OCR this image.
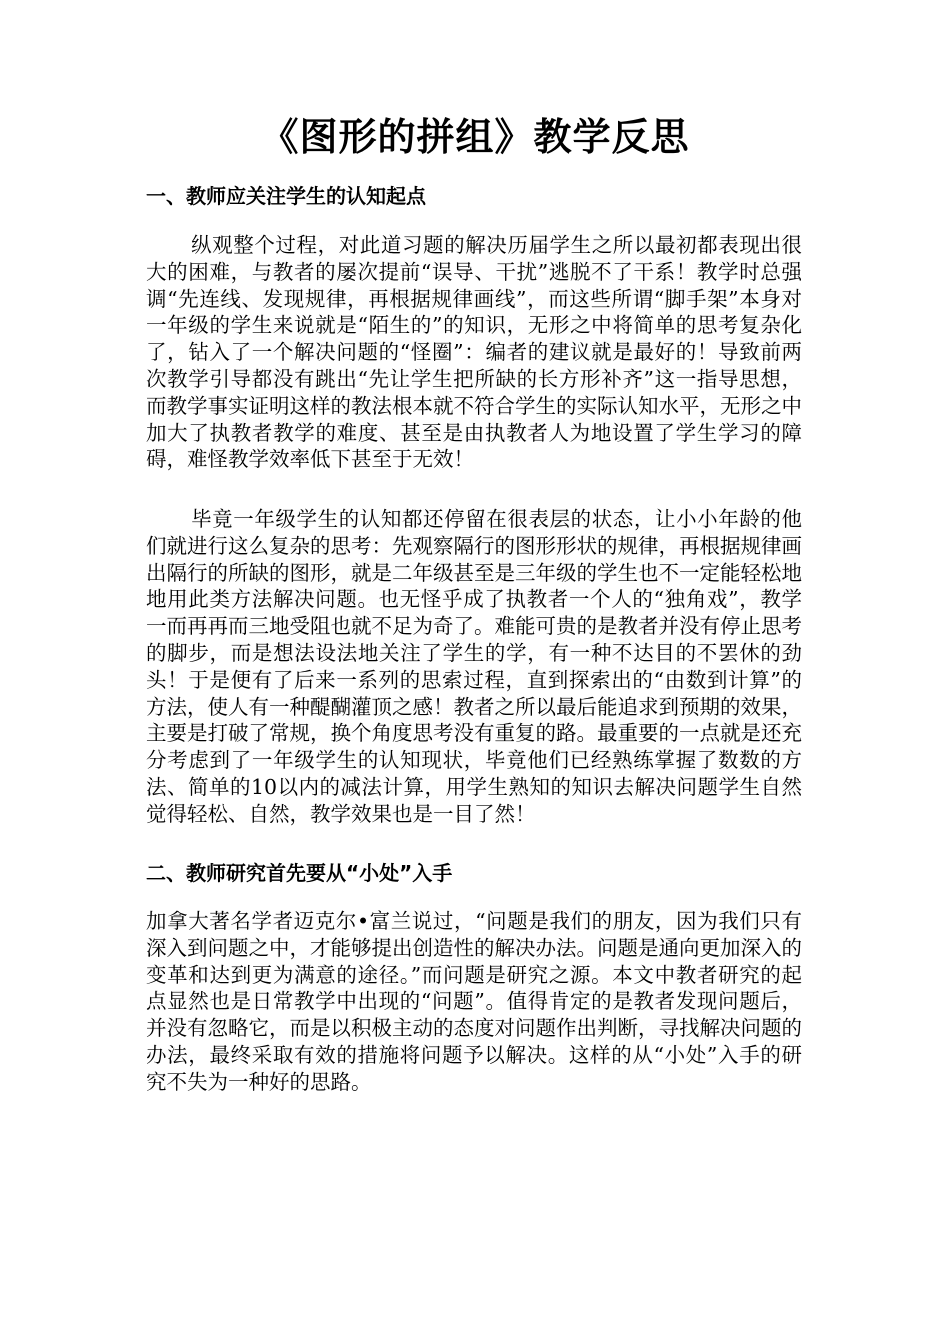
《图形的拼组》教学反思
一、教师应关注学生的认知起点

纵观整个过程，对此道习题的解决历届学生之所以最初都表现出很大的困难，与教者的屡次提前“误导、干扰”逃脱不了干系！教学时总强调“先连线、发现规律，再根据规律画线”，而这些所谓“脚手架”本身对一年级的学生来说就是“陌生的”的知识，无形之中将简单的思考复杂化了，钻入了一个解决问题的“怪圈”：编者的建议就是最好的！导致前两次教学引导都没有跳出“先让学生把所缺的长方形补齐”这一指导思想，而教学事实证明这样的教法根本就不符合学生的实际认知水平，无形之中加大了执教者教学的难度、甚至是由执教者人为地设置了学生学习的障碍，难怪教学效率低下甚至于无效！

毕竟一年级学生的认知都还停留在很表层的状态，让小小年龄的他们就进行这么复杂的思考：先观察隔行的图形形状的规律，再根据规律画出隔行的所缺的图形，就是二年级甚至是三年级的学生也不一定能轻松地地用此类方法解决问题。也无怪乎成了执教者一个人的“独角戏”，教学一而再再而三地受阻也就不足为奇了。难能可贵的是教者并没有停止思考的脚步，而是想法设法地关注了学生的学，有一种不达目的不罢休的劲头！于是便有了后来一系列的思索过程，直到探索出的“由数到计算”的方法，使人有一种醍醐灌顶之感！教者之所以最后能追求到预期的效果，主要是打破了常规，换个角度思考没有重复的路。最重要的一点就是还充分考虑到了一年级学生的认知现状，毕竟他们已经熟练掌握了数数的方法、简单的10以内的减法计算，用学生熟知的知识去解决问题学生自然觉得轻松、自然，教学效果也是一目了然！

二、教师研究首先要从“小处”入手

加拿大著名学者迈克尔•富兰说过，“问题是我们的朋友，因为我们只有深入到问题之中，才能够提出创造性的解决办法。问题是通向更加深入的变革和达到更为满意的途径。”而问题是研究之源。本文中教者研究的起点显然也是日常教学中出现的“问题”。值得肯定的是教者发现问题后，并没有忽略它，而是以积极主动的态度对问题作出判断，寻找解决问题的办法，最终采取有效的措施将问题予以解决。这样的从“小处”入手的研究不失为一种好的思路。
